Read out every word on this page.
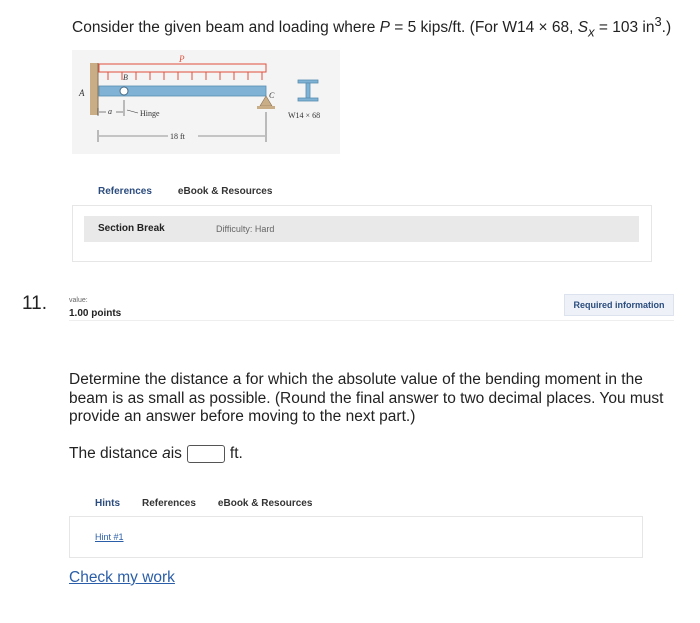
Consider the given beam and loading where P = 5 kips/ft. (For W14 × 68, $S_x = 103$ $in^3$.)
A
P
B
C
W14 × 68
a	Hinge
18 ft
References	eBook & Resources
Section Break	Difficulty: Hard
11.	value:
1.00 points
Required information
Determine the distance a for which the absolute value of the bending moment in the beam is as small as possible. (Round the final answer to two decimal places. You must provide an answer before moving to the next part.)
The distance
a is	ft.
Hints References eBook & Resources
Hint #1
Check my work
